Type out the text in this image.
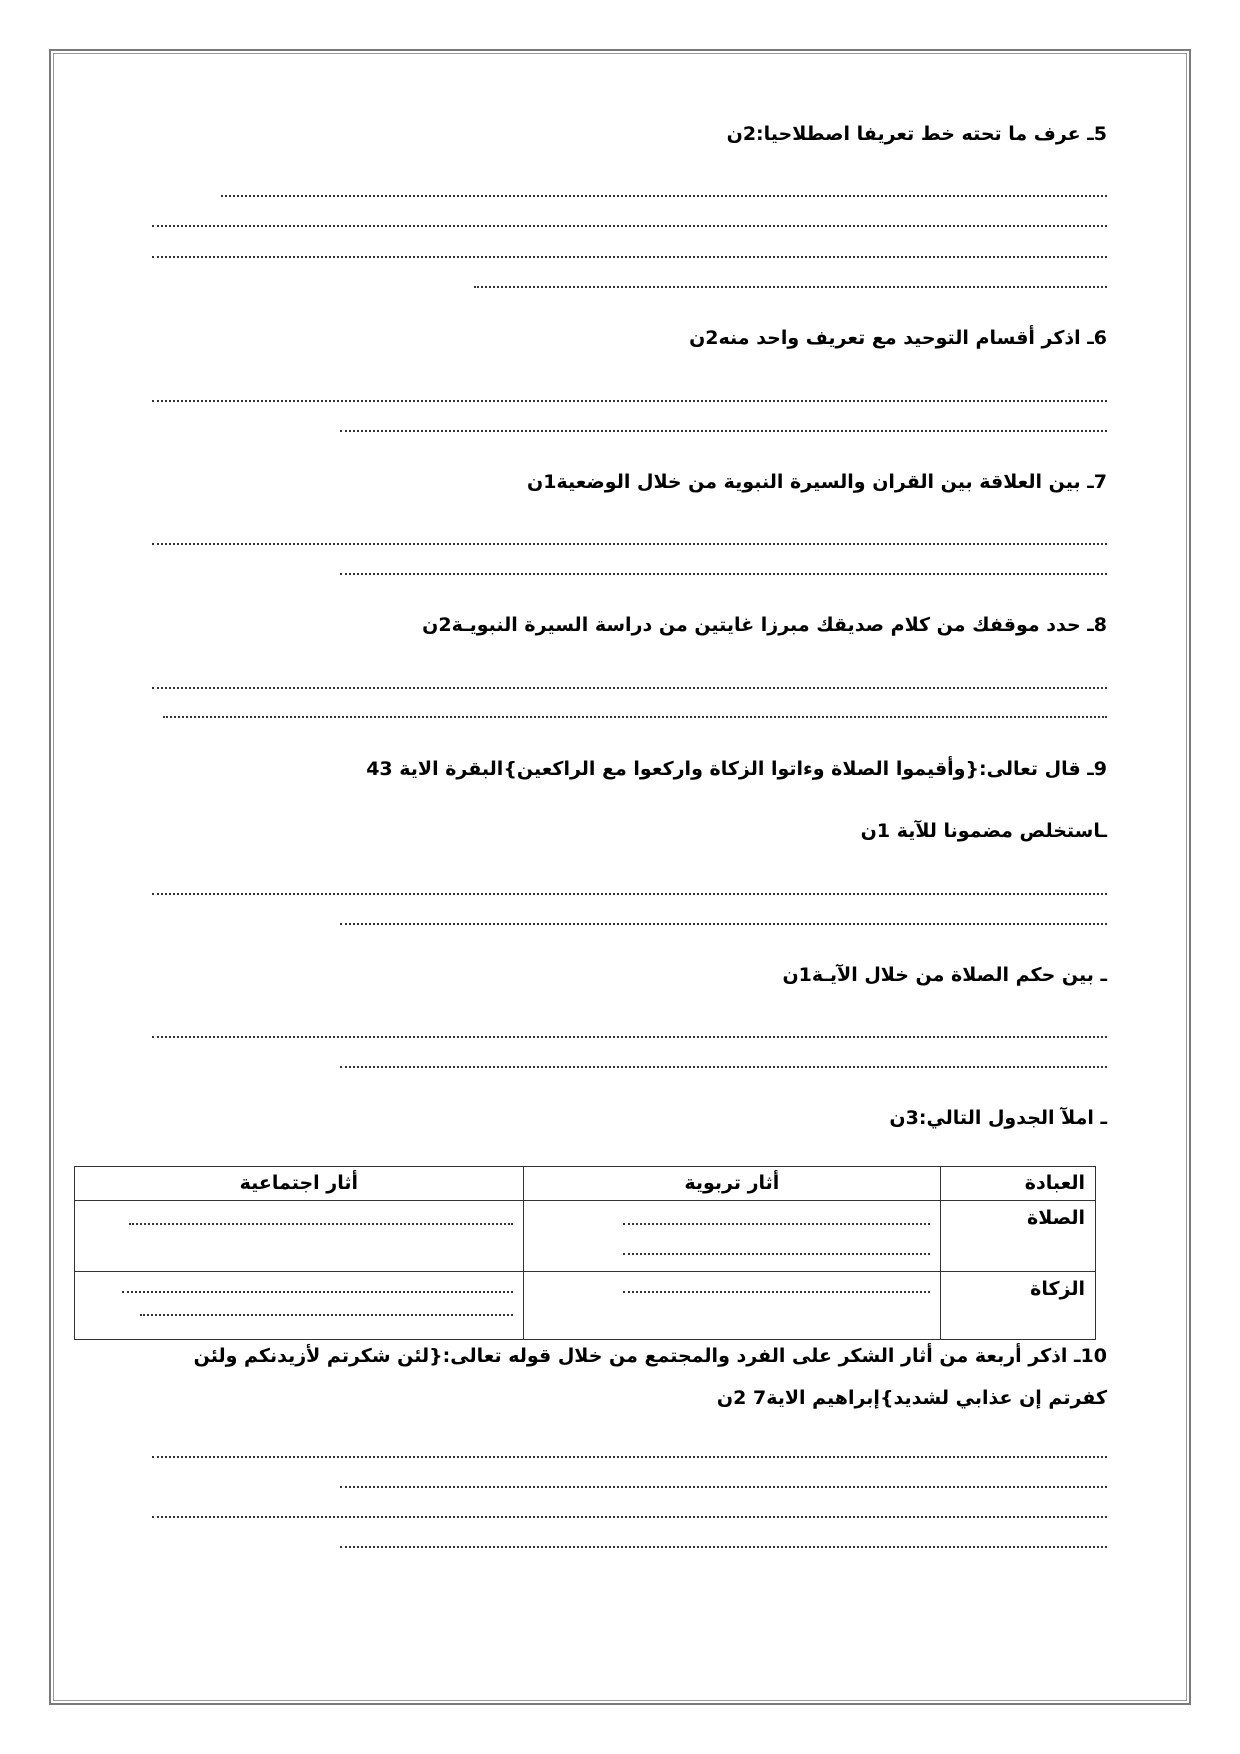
5ـ عرف ما تحته خط تعريفا اصطلاحيا:2ن
6ـ اذكر أقسام التوحيد مع تعريف واحد منه2ن
7ـ بين العلاقة بين القران والسيرة النبوية من خلال الوضعية1ن
8ـ حدد موقفك من كلام صديقك مبرزا غايتين من دراسة السيرة النبويـة2ن
9ـ قال تعالى:{وأقيموا الصلاة وءاتوا الزكاة واركعوا مع الراكعين}البقرة الاية 43
ـاستخلص مضمونا للآية 1ن
ـ بين حكم الصلاة من خلال الآيـة1ن
ـ املآ الجدول التالي:3ن
العبادة	أثار تربوية	أثار اجتماعية

الصلاة		

الزكاة		

10ـ اذكر أربعة من أثار الشكر على الفرد والمجتمع من خلال قوله تعالى:{لئن شكرتم لأزيدنكم ولئن
كفرتم إن عذابي لشديد}إبراهيم الاية7 2ن
